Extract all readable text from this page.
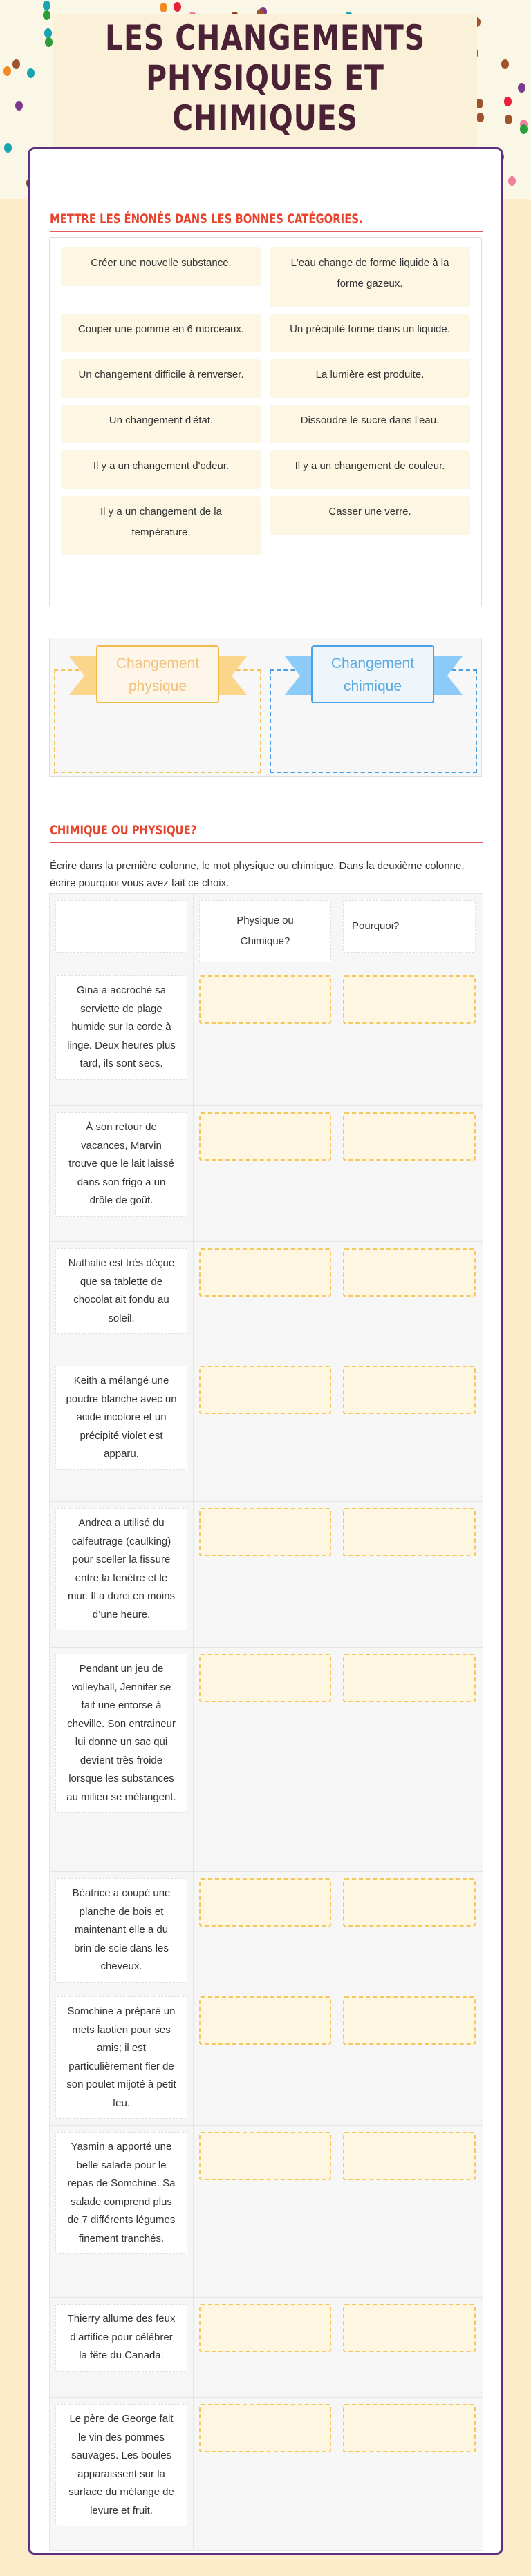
LES CHANGEMENTS PHYSIQUES ET CHIMIQUES
METTRE LES ÉNONÉS DANS LES BONNES CATÉGORIES.
Créer une nouvelle substance.	L'eau change de forme liquide à la forme gazeux.
Couper une pomme en 6 morceaux.	Un précipité forme dans un liquide.
Un changement difficile à renverser.	La lumière est produite.
Un changement d'état.	Dissoudre le sucre dans l'eau.
Il y a un changement d'odeur.	Il y a un changement de couleur.
Il y a un changement de la température.
Casser une verre.
Changement physique
Changement chimique
CHIMIQUE OU PHYSIQUE?
Écrire dans la première colonne, le mot physique ou chimique. Dans la deuxième colonne, écrire pourquoi vous avez fait ce choix.
Physique ou Chimique?
Pourquoi?
Gina a accroché sa serviette de plage humide sur la corde à linge. Deux heures plus tard, ils sont secs.
À son retour de vacances, Marvin trouve que le lait laissé dans son frigo a un drôle de goût.
Nathalie est très déçue que sa tablette de chocolat ait fondu au soleil.
Keith a mélangé une poudre blanche avec un acide incolore et un précipité violet est apparu.
Andrea a utilisé du calfeutrage (caulking) pour sceller la fissure entre la fenêtre et le mur. Il a durci en moins d’une heure.
Pendant un jeu de volleyball, Jennifer se fait une entorse à cheville. Son entraineur lui donne un sac qui devient très froide lorsque les substances au milieu se mélangent.
Béatrice a coupé une planche de bois et maintenant elle a du brin de scie dans les cheveux.
Somchine a préparé un mets laotien pour ses amis; il est particulièrement fier de son poulet mijoté à petit feu.
Yasmin a apporté une belle salade pour le repas de Somchine. Sa salade comprend plus de 7 différents légumes finement tranchés.
Thierry allume des feux d’artifice pour célébrer la fête du Canada.
Le père de George fait le vin des pommes sauvages. Les boules apparaissent sur la surface du mélange de levure et fruit.
